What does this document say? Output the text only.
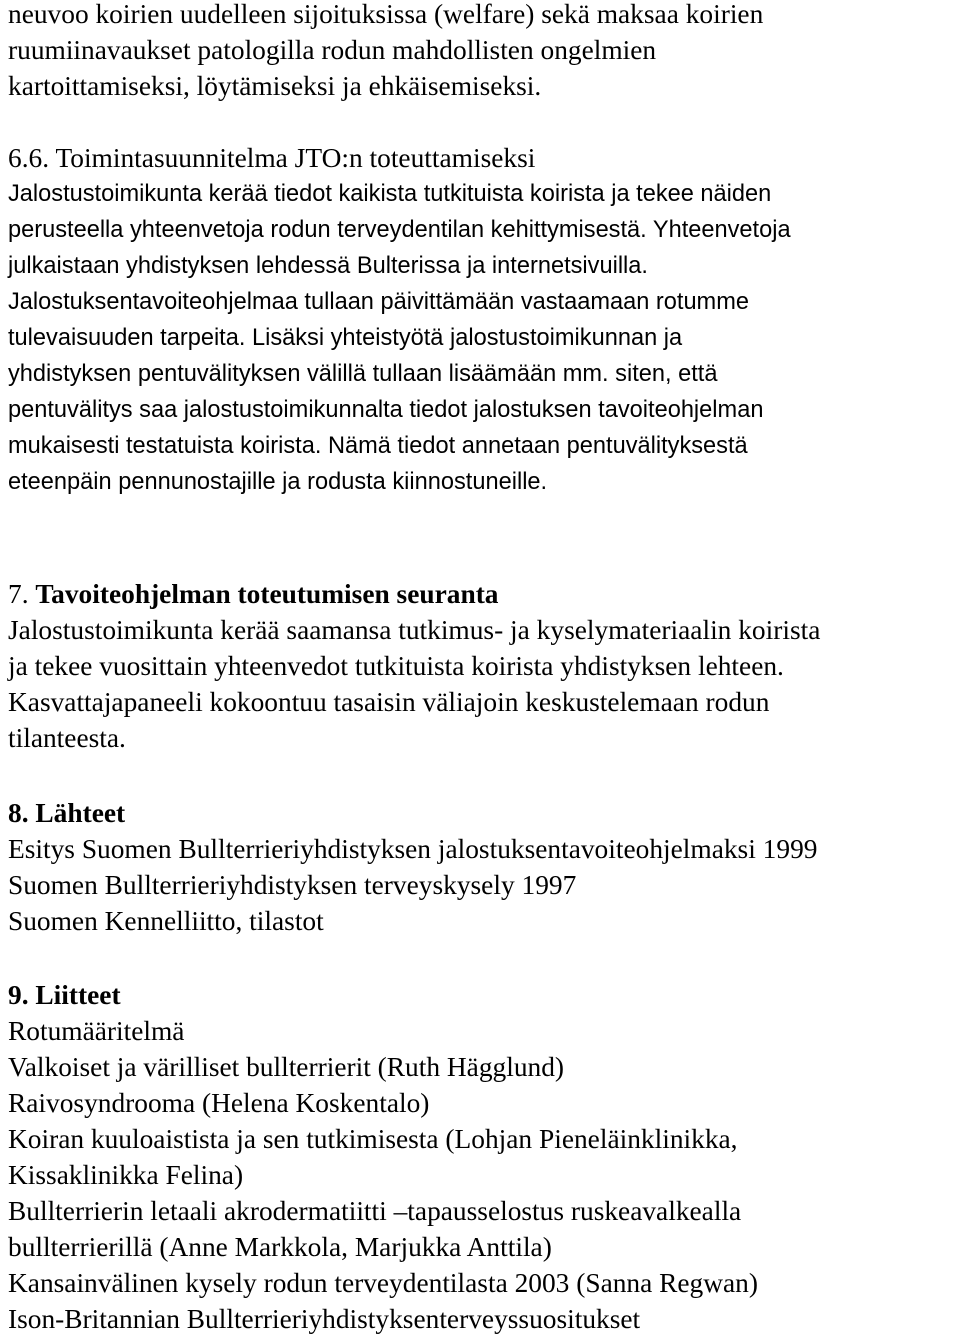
neuvoo koirien uudelleen sijoituksissa (welfare) sekä maksaa koirien
ruumiinavaukset patologilla rodun mahdollisten ongelmien
kartoittamiseksi, löytämiseksi ja ehkäisemiseksi.
6.6. Toimintasuunnitelma JTO:n toteuttamiseksi
Jalostustoimikunta kerää tiedot kaikista tutkituista koirista ja tekee näiden
perusteella yhteenvetoja rodun terveydentilan kehittymisestä. Yhteenvetoja
julkaistaan yhdistyksen lehdessä Bulterissa ja internetsivuilla.
Jalostuksentavoiteohjelmaa tullaan päivittämään vastaamaan rotumme
tulevaisuuden tarpeita. Lisäksi yhteistyötä jalostustoimikunnan ja
yhdistyksen pentuvälityksen välillä tullaan lisäämään mm. siten, että
pentuvälitys saa jalostustoimikunnalta tiedot jalostuksen tavoiteohjelman
mukaisesti testatuista koirista. Nämä tiedot annetaan pentuvälityksestä
eteenpäin pennunostajille ja rodusta kiinnostuneille.
7. Tavoiteohjelman toteutumisen seuranta
Jalostustoimikunta kerää saamansa tutkimus- ja kyselymateriaalin koirista
ja tekee vuosittain yhteenvedot tutkituista koirista yhdistyksen lehteen.
Kasvattajapaneeli kokoontuu tasaisin väliajoin keskustelemaan rodun
tilanteesta.
8. Lähteet
Esitys Suomen Bullterrieriyhdistyksen jalostuksentavoiteohjelmaksi 1999
Suomen Bullterrieriyhdistyksen terveyskysely 1997
Suomen Kennelliitto, tilastot
9. Liitteet
Rotumääritelmä
Valkoiset ja värilliset bullterrierit (Ruth Hägglund)
Raivosyndrooma (Helena Koskentalo)
Koiran kuuloaistista ja sen tutkimisesta (Lohjan Pieneläinklinikka,
Kissaklinikka Felina)
Bullterrierin letaali akrodermatiitti –tapausselostus ruskeavalkealla
bullterrierillä (Anne Markkola, Marjukka Anttila)
Kansainvälinen kysely rodun terveydentilasta 2003 (Sanna Regwan)
Ison-Britannian Bullterrieriyhdistyksenterveyssuositukset
